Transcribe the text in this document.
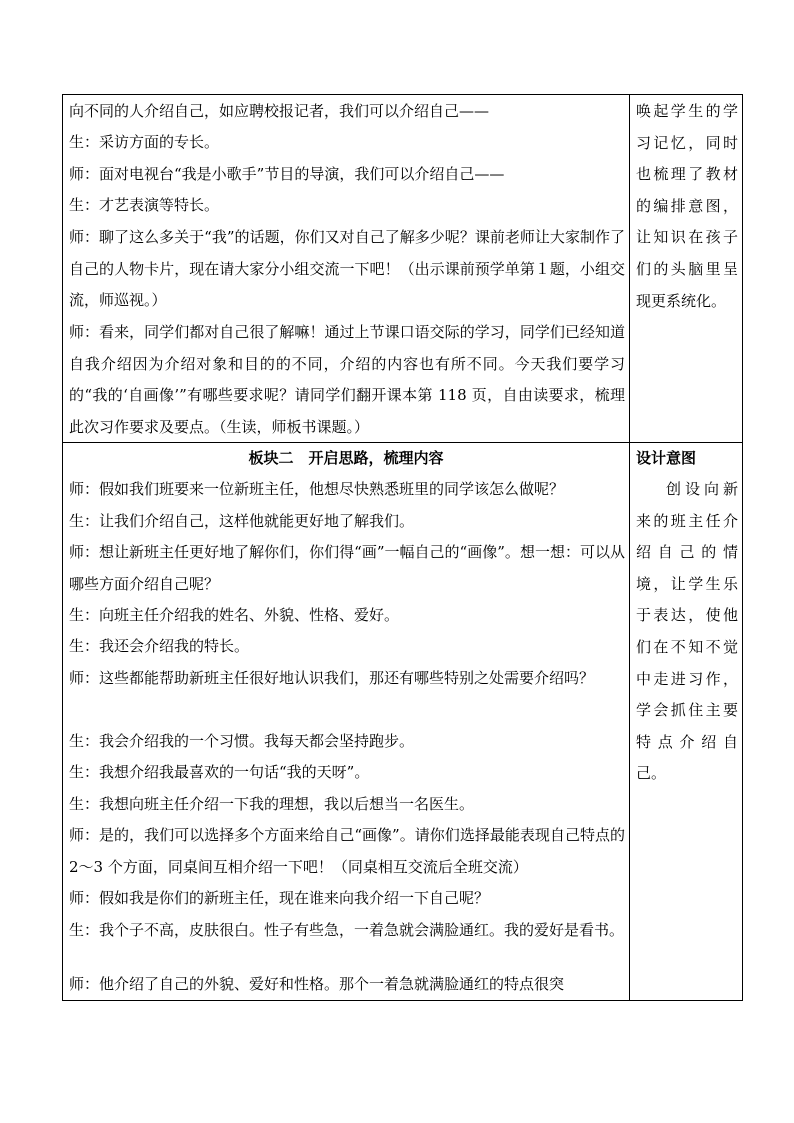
向不同的人介绍自己，如应聘校报记者，我们可以介绍自己——

生：采访方面的专长。

师：面对电视台“我是小歌手”节目的导演，我们可以介绍自己——

生：才艺表演等特长。

师：聊了这么多关于“我”的话题，你们又对自己了解多少呢？课前老师让大家制作了自己的人物卡片，现在请大家分小组交流一下吧！（出示课前预学单第１题，小组交流，师巡视。）

师：看来，同学们都对自己很了解嘛！通过上节课口语交际的学习，同学们已经知道自我介绍因为介绍对象和目的的不同，介绍的内容也有所不同。今天我们要学习的“我的‘自画像’”有哪些要求呢？请同学们翻开课本第 118 页，自由读要求，梳理此次习作要求及要点。（生读，师板书课题。）

板块二　开启思路，梳理内容

师：假如我们班要来一位新班主任，他想尽快熟悉班里的同学该怎么做呢？

生：让我们介绍自己，这样他就能更好地了解我们。

师：想让新班主任更好地了解你们，你们得“画”一幅自己的“画像”。想一想：可以从哪些方面介绍自己呢？

生：向班主任介绍我的姓名、外貌、性格、爱好。

生：我还会介绍我的特长。

师：这些都能帮助新班主任很好地认识我们，那还有哪些特别之处需要介绍吗？

生：我会介绍我的一个习惯。我每天都会坚持跑步。

生：我想介绍我最喜欢的一句话“我的天呀”。

生：我想向班主任介绍一下我的理想，我以后想当一名医生。

师：是的，我们可以选择多个方面来给自己“画像”。请你们选择最能表现自己特点的 2～3 个方面，同桌间互相介绍一下吧！（同桌相互交流后全班交流）

师：假如我是你们的新班主任，现在谁来向我介绍一下自己呢？

生：我个子不高，皮肤很白。性子有些急，一着急就会满脸通红。我的爱好是看书。

师：他介绍了自己的外貌、爱好和性格。那个一着急就满脸通红的特点很突

唤起学生的学习记忆，同时也梳理了教材的编排意图，让知识在孩子们的头脑里呈现更系统化。

设计意图

创设向新来的班主任介绍自己的情境，让学生乐于表达，使他们在不知不觉中走进习作，学会抓住主要特点介绍自己。
